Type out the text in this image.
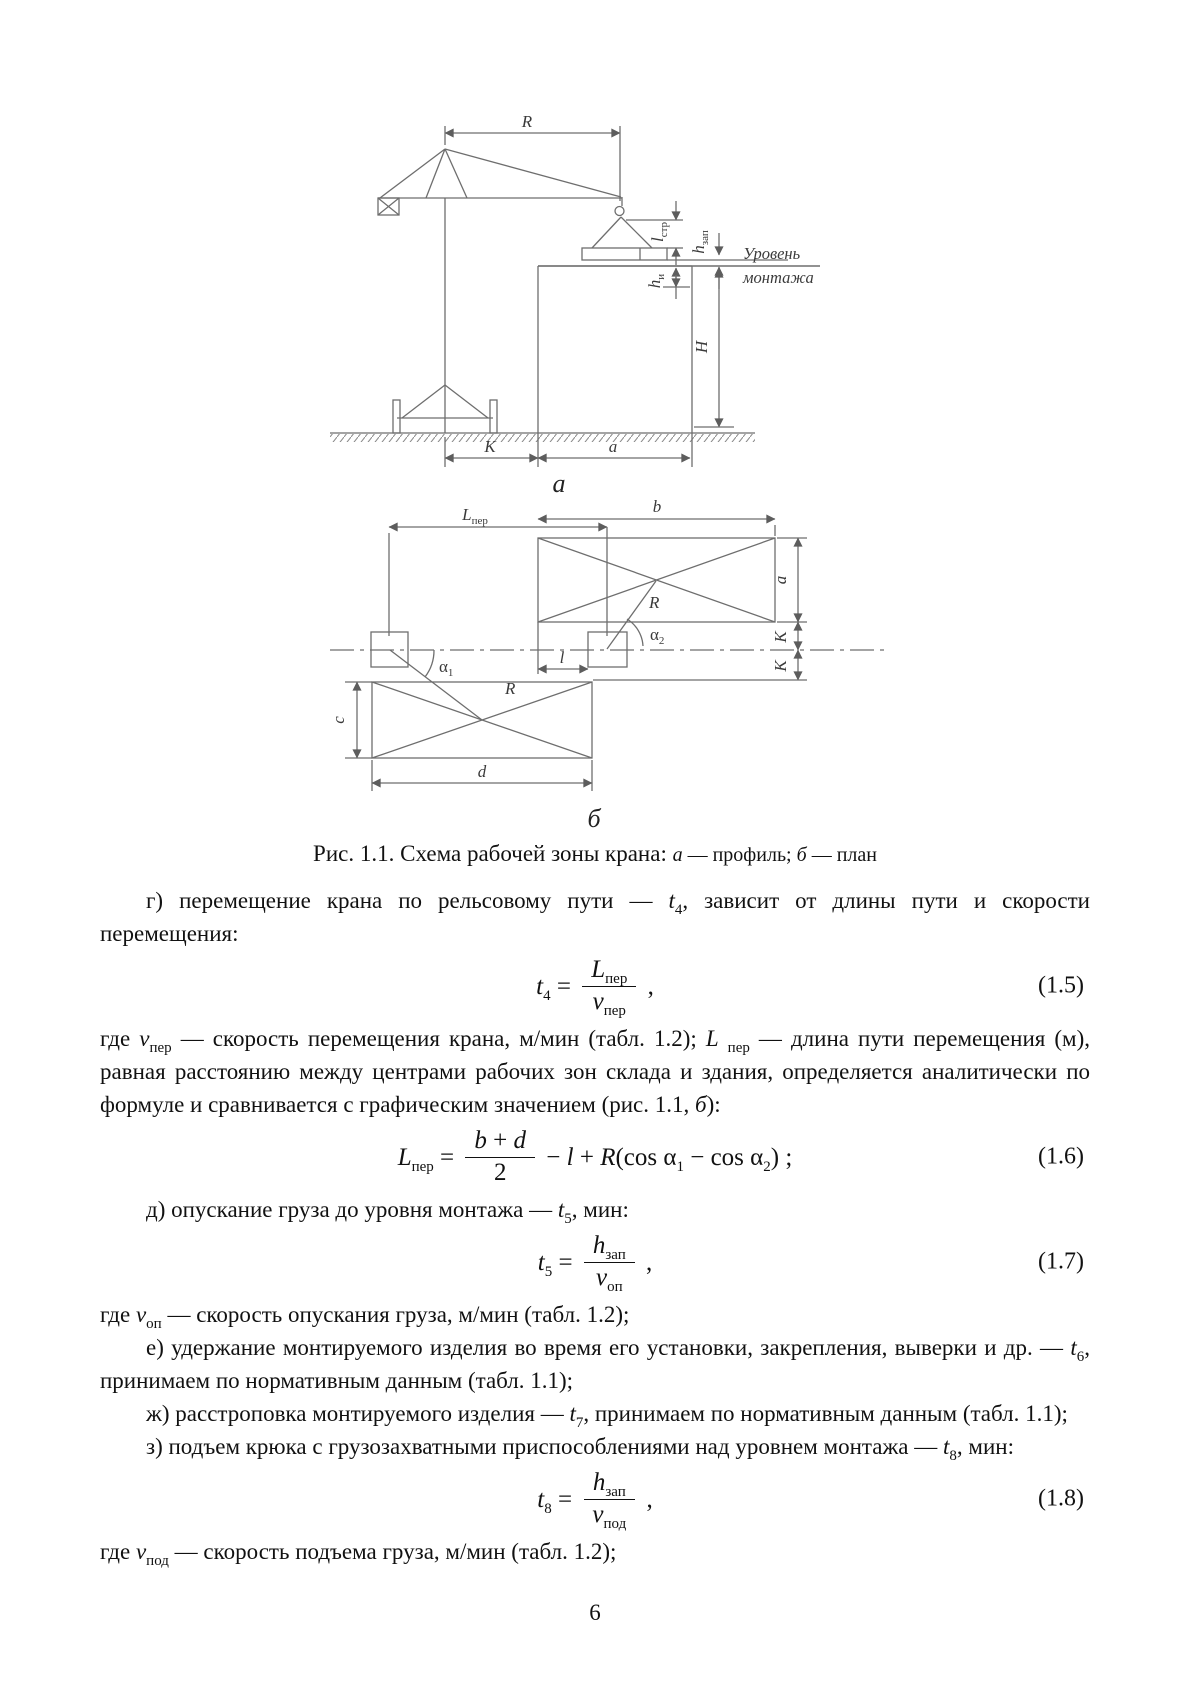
R
$l_{стр}$
$h_{зап}$
$h_и$
H
Уровень
монтажа
K	a
а
$L_{пер}$
b
a
K
K
R
$\alpha_2$
$\alpha_1$
R
l
c
d
б
Рис. 1.1. Схема рабочей зоны крана: а — профиль; б — план

г) перемещение крана по рельсовому пути — $t_4$, зависит от длины пути и скорости перемещения:

$t_4 = \frac{L_{пер}}{v_{пер}}$ ,	(1.5)

где $v_{пер}$ — скорость перемещения крана, м/мин (табл. 1.2); L $_{пер}$ — длина пути перемещения (м), равная расстоянию между центрами рабочих зон склада и здания, определяется аналитически по формуле и сравнивается с графическим значением (рис. 1.1, б):

$L_{пер} = \frac{b + d}{2} - l + R(\cos$ $\alpha_1 - \cos \alpha_2$) ;	(1.6)

д) опускание груза до уровня монтажа — $t_5$, мин:

$t_5 = \frac{h_{зап}}{v_{оп}}$ ,	(1.7)

где $v_{оп}$ — скорость опускания груза, м/мин (табл. 1.2);

е) удержание монтируемого изделия во время его установки, закрепления, выверки и др. — $t_6$, принимаем по нормативным данным (табл. 1.1);

ж) расстроповка монтируемого изделия — $t_7$, принимаем по нормативным данным (табл. 1.1);

з) подъем крюка с грузозахватными приспособлениями над уровнем монтажа — $t_8$, мин:

$t_8 = \frac{h_{зап}}{v_{под}}$ ,	(1.8)

где $v_{под}$ — скорость подъема груза, м/мин (табл. 1.2);

6
